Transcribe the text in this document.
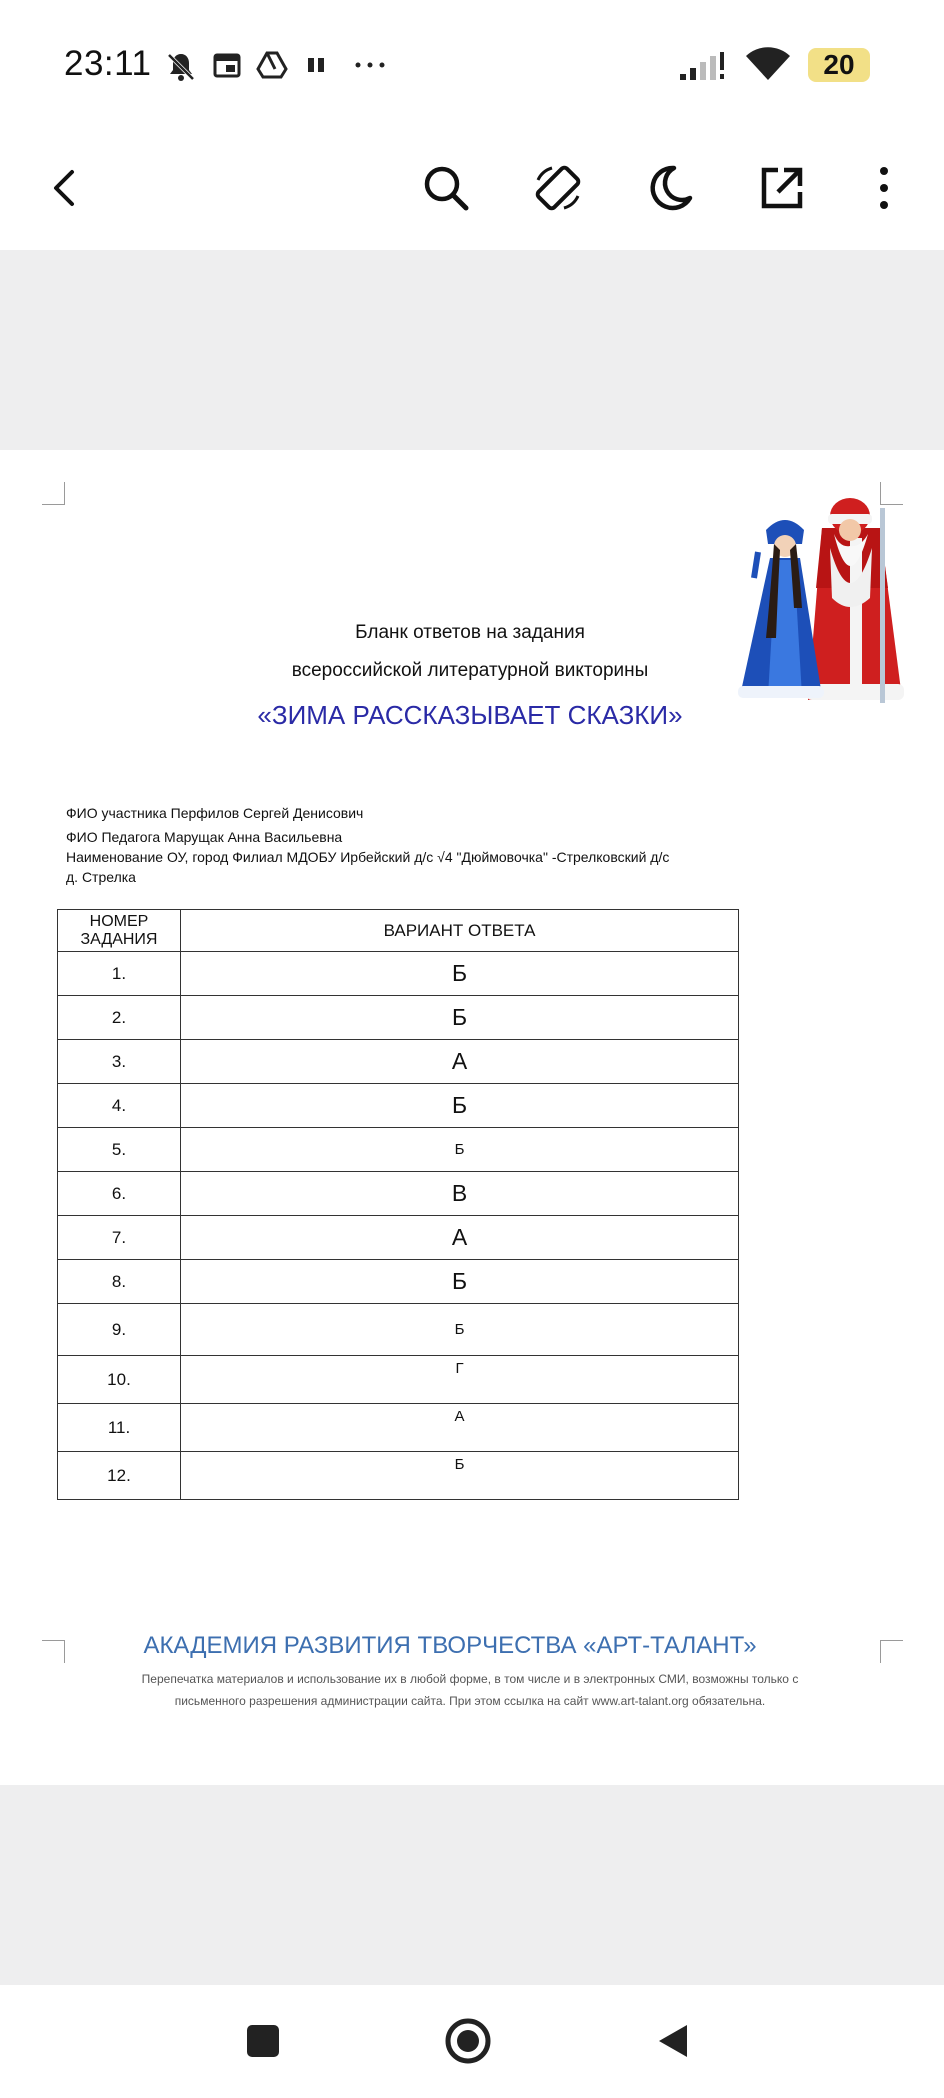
23:11	20
Бланк ответов на задания
всероссийской литературной викторины
«ЗИМА РАССКАЗЫВАЕТ СКАЗКИ»
ФИО участника Перфилов Сергей Денисович
ФИО Педагога Марущак Анна Васильевна
Наименование ОУ, город Филиал МДОБУ Ирбейский д/с √4 "Дюймовочка" -Стрелковский д/с
д. Стрелка
НОМЕР ЗАДАНИЯ	ВАРИАНТ ОТВЕТА
1.	Б
2.	Б
3.	А
4.	Б
5.	Б
6.	В
7.	А
8.	Б
9.	Б
10.	Г
11.	А
12.	Б
АКАДЕМИЯ РАЗВИТИЯ ТВОРЧЕСТВА «АРТ-ТАЛАНТ»
Перепечатка материалов и использование их в любой форме, в том числе и в электронных СМИ, возможны только с
письменного разрешения администрации сайта. При этом ссылка на сайт www.art-talant.org обязательна.
